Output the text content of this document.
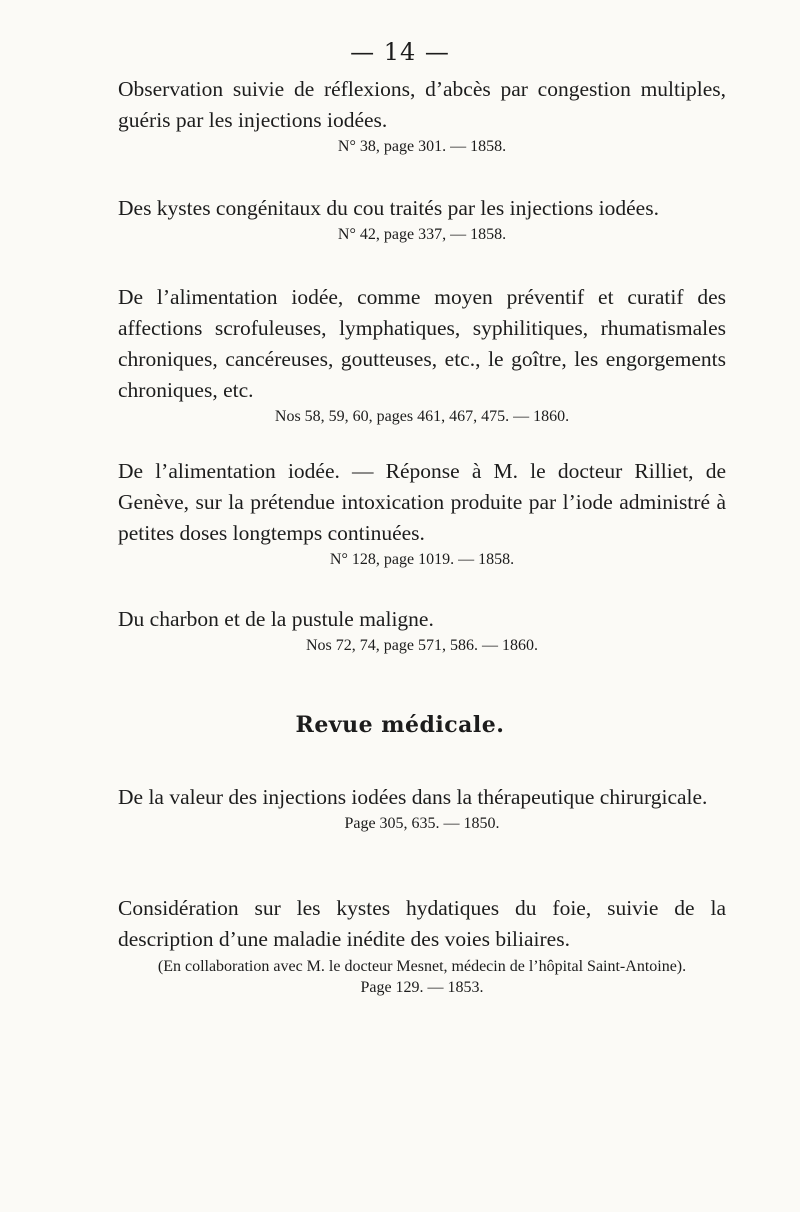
— 14 —
Observation suivie de réflexions, d’abcès par congestion multiples, guéris par les injections iodées.
N° 38, page 301. — 1858.
Des kystes congénitaux du cou traités par les injections iodées.
N° 42, page 337, — 1858.
De l’alimentation iodée, comme moyen préventif et curatif des affections scrofuleuses, lymphatiques, syphilitiques, rhumatismales chroniques, cancéreuses, goutteuses, etc., le goître, les engorgements chroniques, etc.
Nos 58, 59, 60, pages 461, 467, 475. — 1860.
De l’alimentation iodée. — Réponse à M. le docteur Rilliet, de Genève, sur la prétendue intoxication produite par l’iode administré à petites doses longtemps continuées.
N° 128, page 1019. — 1858.
Du charbon et de la pustule maligne.
Nos 72, 74, page 571, 586. — 1860.
Revue médicale.
De la valeur des injections iodées dans la thérapeutique chirurgicale.
Page 305, 635. — 1850.
Considération sur les kystes hydatiques du foie, suivie de la description d’une maladie inédite des voies biliaires.
(En collaboration avec M. le docteur Mesnet, médecin de l’hôpital Saint-Antoine).
Page 129. — 1853.
